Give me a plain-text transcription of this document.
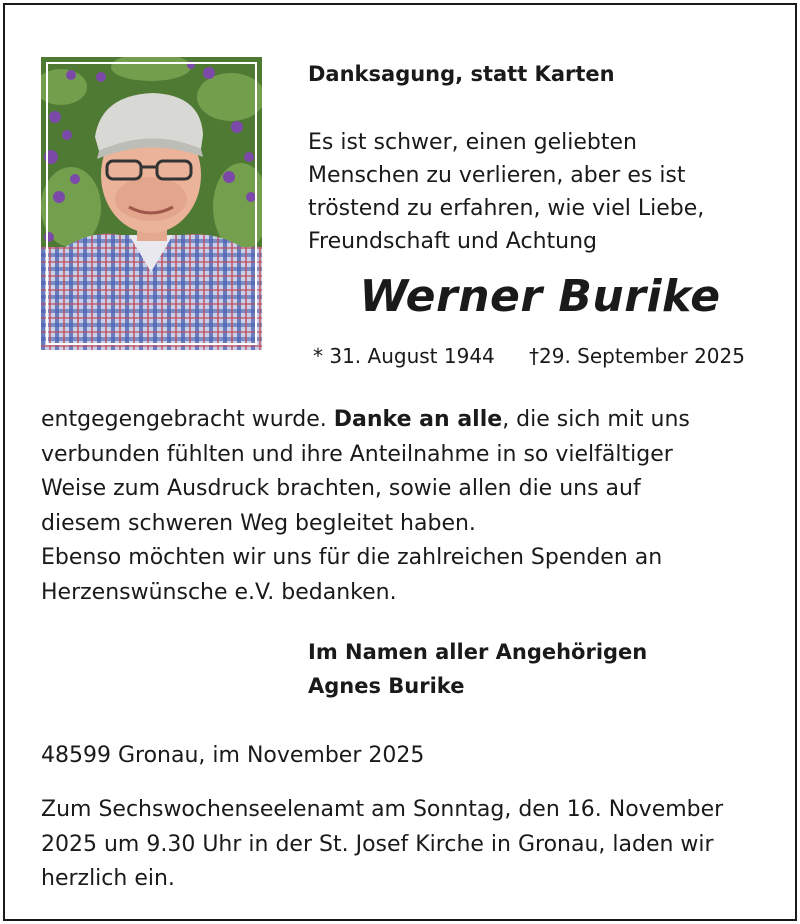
Danksagung, statt Karten

Es ist schwer, einen geliebten
Menschen zu verlieren, aber es ist
tröstend zu erfahren, wie viel Liebe,
Freundschaft und Achtung

Werner Burike

* 31. August 1944 †29. September 2025
entgegengebracht wurde. Danke an alle, die sich mit uns
verbunden fühlten und ihre Anteilnahme in so vielfältiger
Weise zum Ausdruck brachten, sowie allen die uns auf
diesem schweren Weg begleitet haben.
Ebenso möchten wir uns für die zahlreichen Spenden an
Herzenswünsche e.V. bedanken.

Im Namen aller Angehörigen
Agnes Burike

48599 Gronau, im November 2025

Zum Sechswochenseelenamt am Sonntag, den 16. November
2025 um 9.30 Uhr in der St. Josef Kirche in Gronau, laden wir
herzlich ein.
